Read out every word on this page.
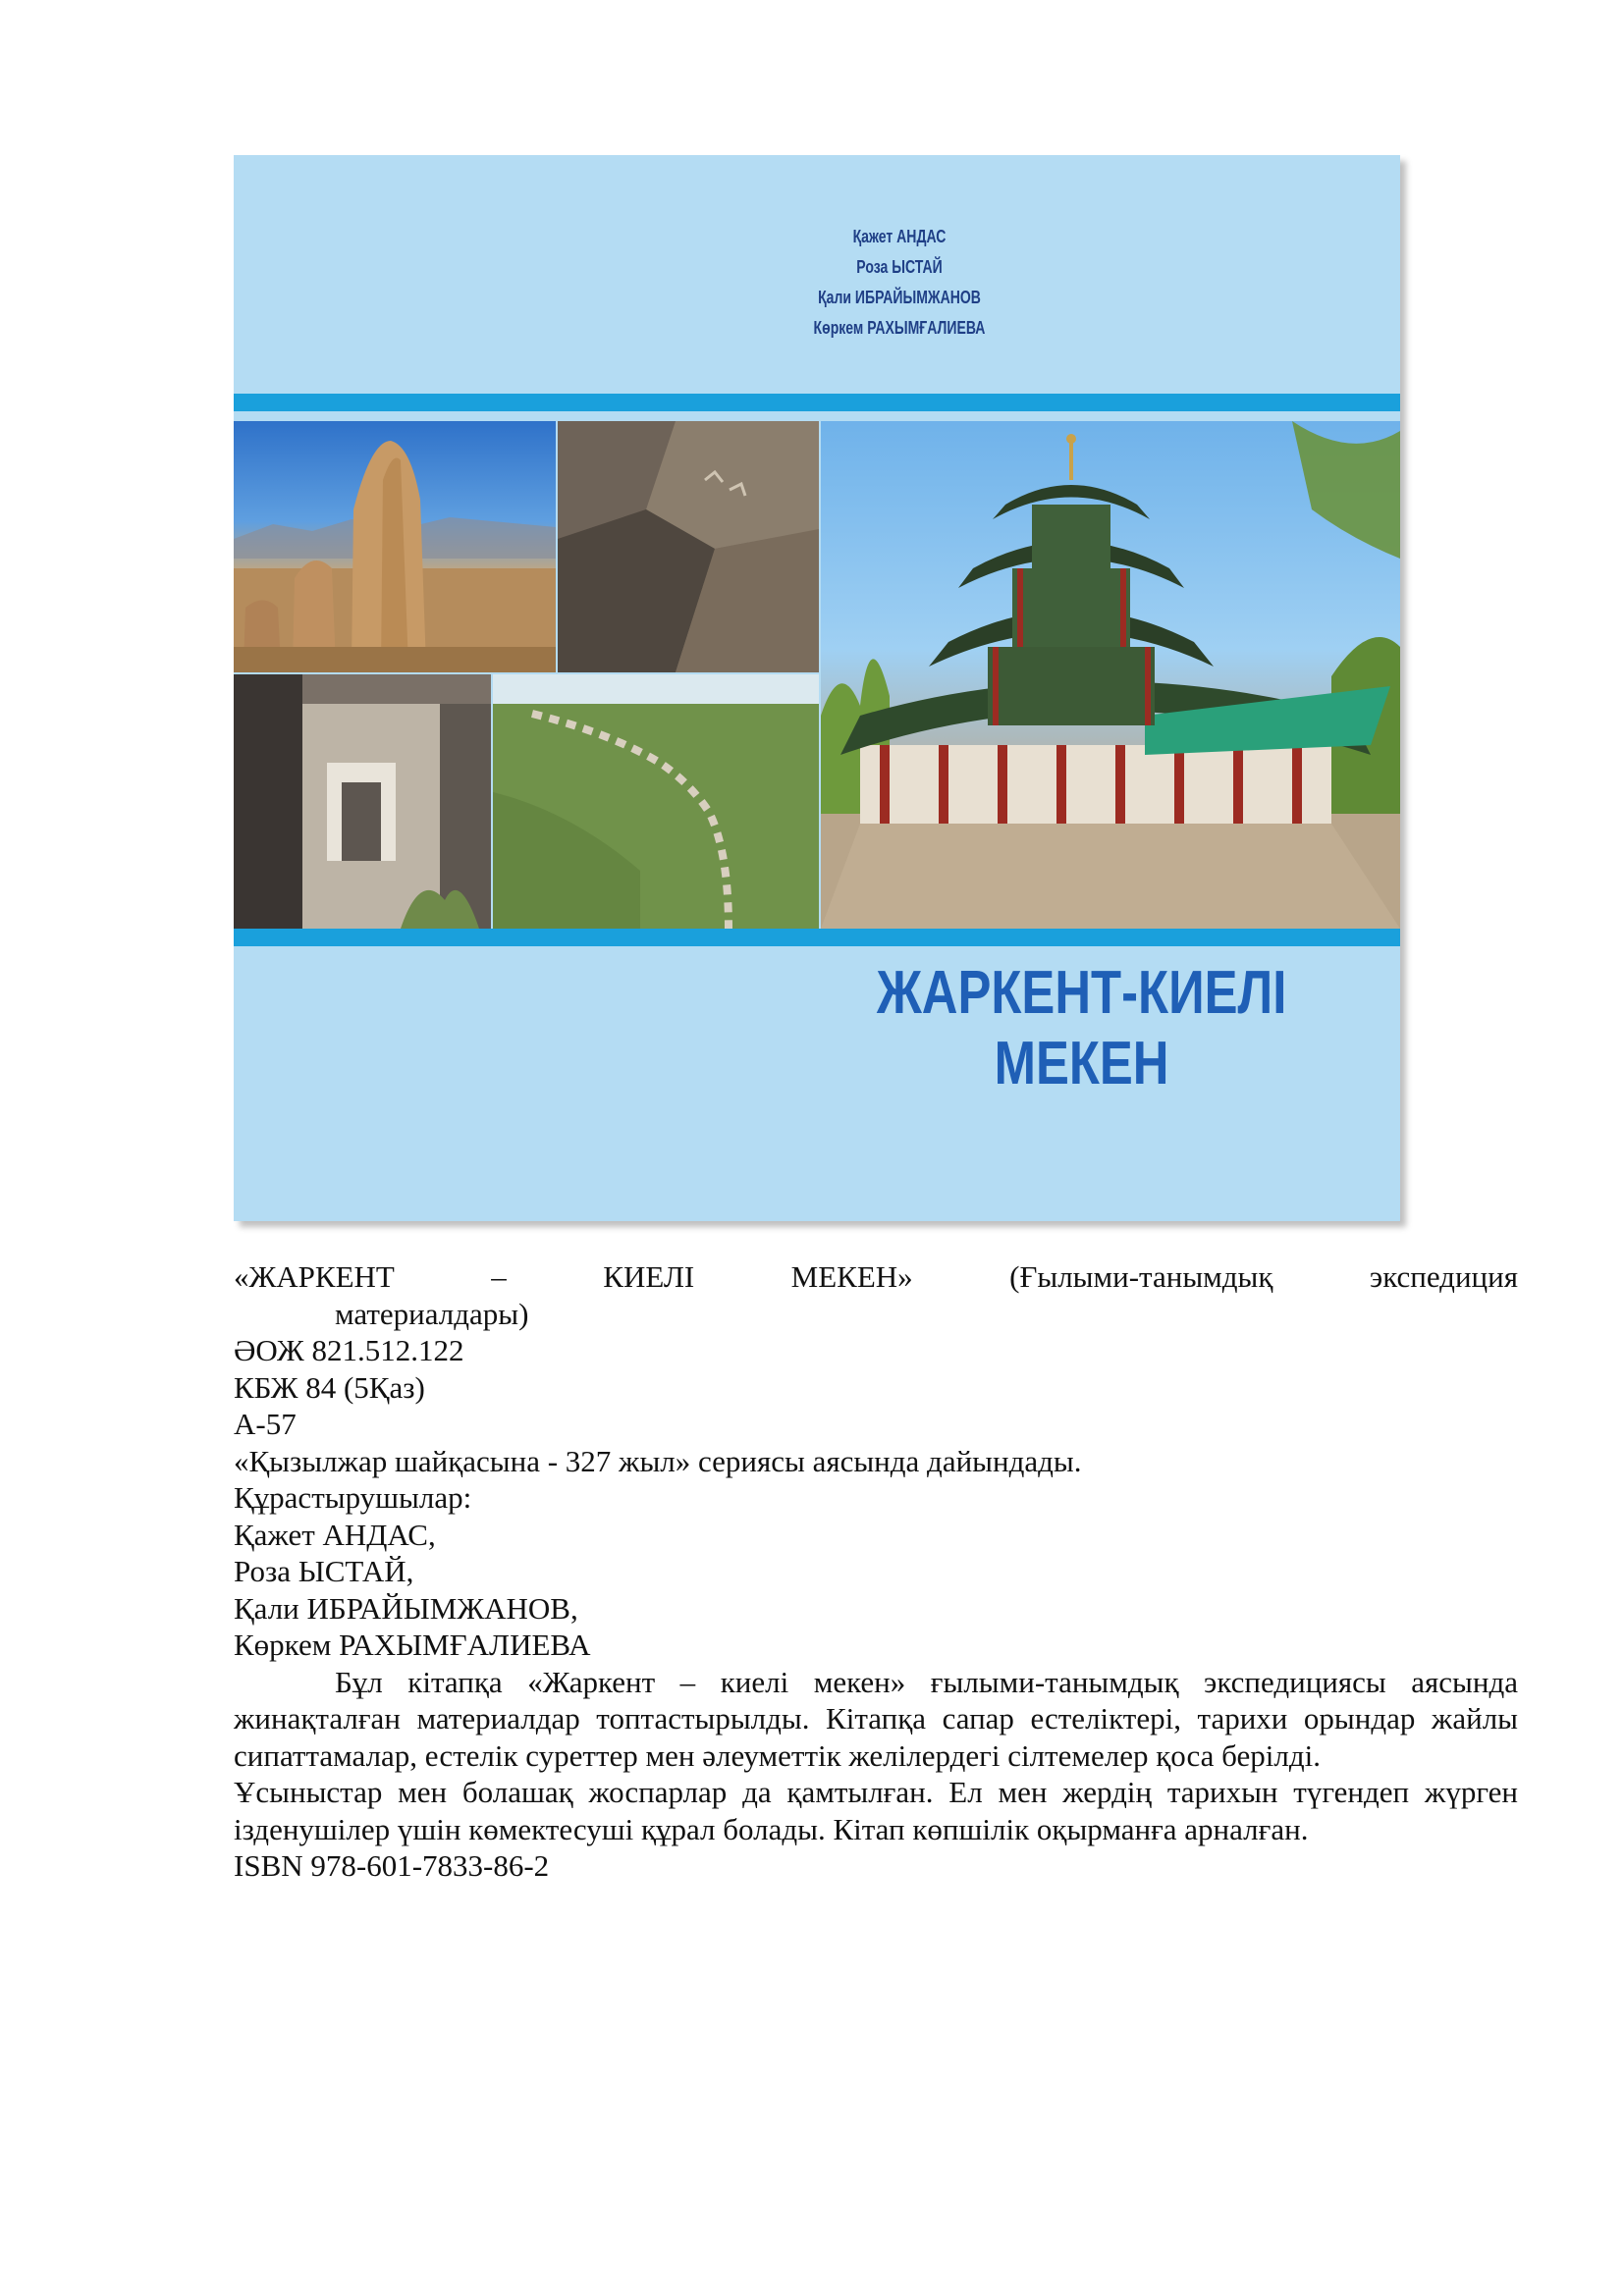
Қажет АНДАС
Роза ЫСТАЙ
Қали ИБРАЙЫМЖАНОВ
Көркем РАХЫМҒАЛИЕВА
ЖАРКЕНТ-КИЕЛІ
МЕКЕН

«ЖАРКЕНТ – КИЕЛІ МЕКЕН» (Ғылыми-танымдық экспедиция

материалдары)

ӘОЖ 821.512.122

КБЖ 84 (5Қаз)

А-57

«Қызылжар шайқасына - 327 жыл» сериясы аясында дайындады.

Құрастырушылар:

Қажет АНДАС,

Роза ЫСТАЙ,

Қали ИБРАЙЫМЖАНОВ,

Көркем РАХЫМҒАЛИЕВА

Бұл кітапқа «Жаркент – киелі мекен» ғылыми-танымдық экспедициясы аясында жинақталған материалдар топтастырылды. Кітапқа сапар естеліктері, тарихи орындар жайлы сипаттамалар, естелік суреттер мен әлеуметтік желілердегі сілтемелер қоса берілді.

Ұсыныстар мен болашақ жоспарлар да қамтылған. Ел мен жердің тарихын түгендеп жүрген ізденушілер үшін көмектесуші құрал болады. Кітап көпшілік оқырманға арналған.

ISBN 978-601-7833-86-2
